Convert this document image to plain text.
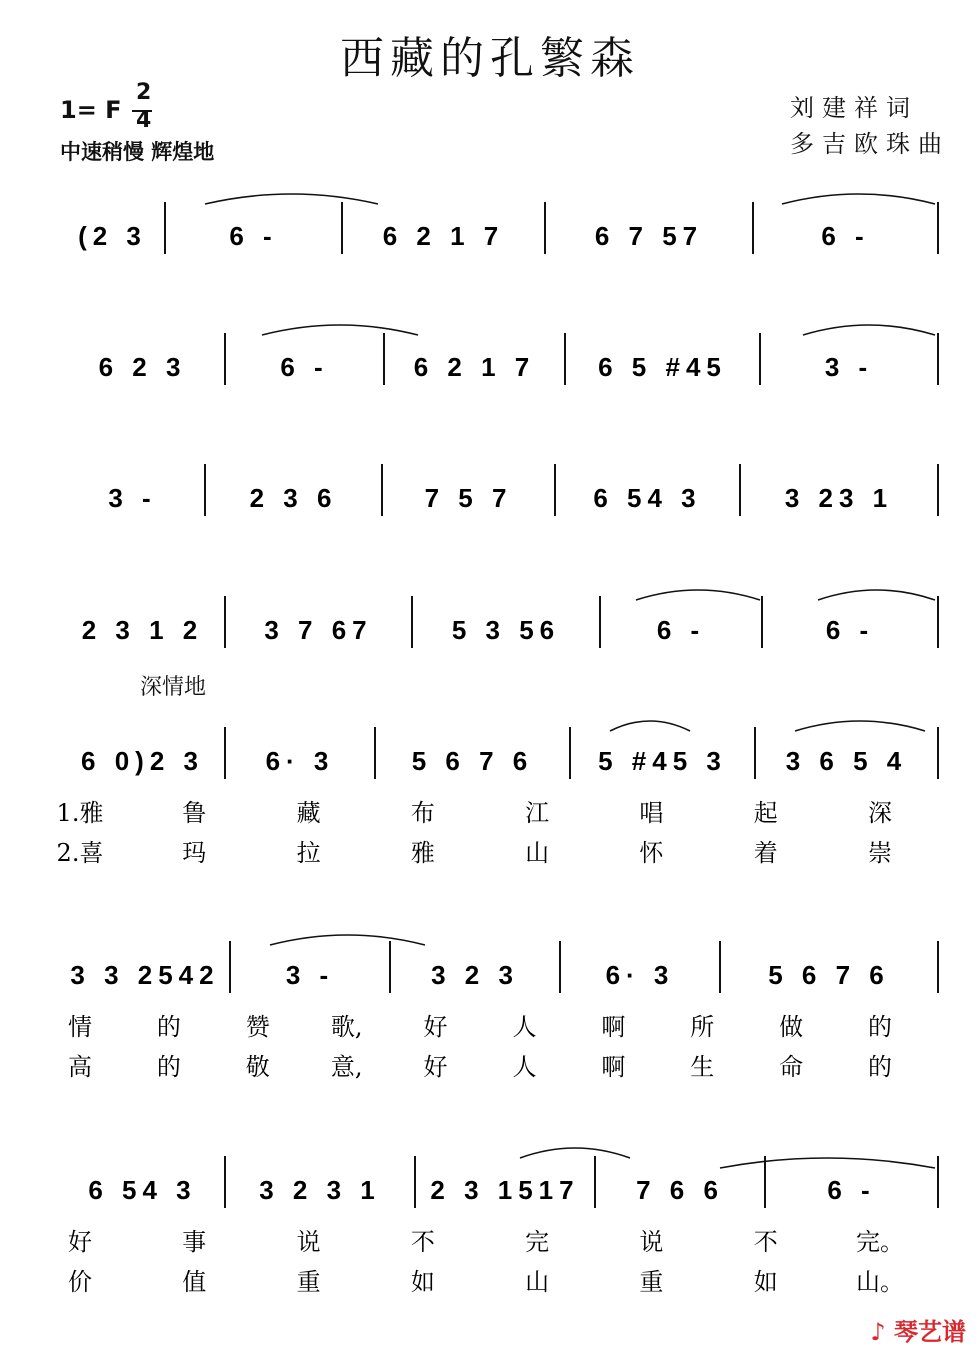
西藏的孔繁森
1= F
2
4
中速稍慢 辉煌地
刘建祥词
多吉欧珠曲
深情地
(2 3	6 -	6 2 1 7	6 7 57	6 -
6 2 3	6 -	6 2 1 7 6 5 #45	3 -
3 -	2 3 6	7 5 7	6 54 3	3 23 1
2 3 1 2 3 7 67	5 3 56	6 -	6 -
6 0)2 3 6· 3	5 6 7 6 5 #45 3 3 6 5 4
1.雅	鲁	藏	布	江	唱	起	深
2.喜	玛	拉	雅	山	怀	着	崇
3 3 2542	3 -	3 2 3	6· 3	5 6 7 6
情	的	赞	歌,	好	人	啊	所	做	的
高	的	敬	意,	好	人	啊	生	命	的
6 54 3 3 2 3 1 2 3 1517 7 6 6	6 -
好	事	说	不	完	说	不	完。
价	值	重	如	山	重	如	山。
♪ 琴艺谱
